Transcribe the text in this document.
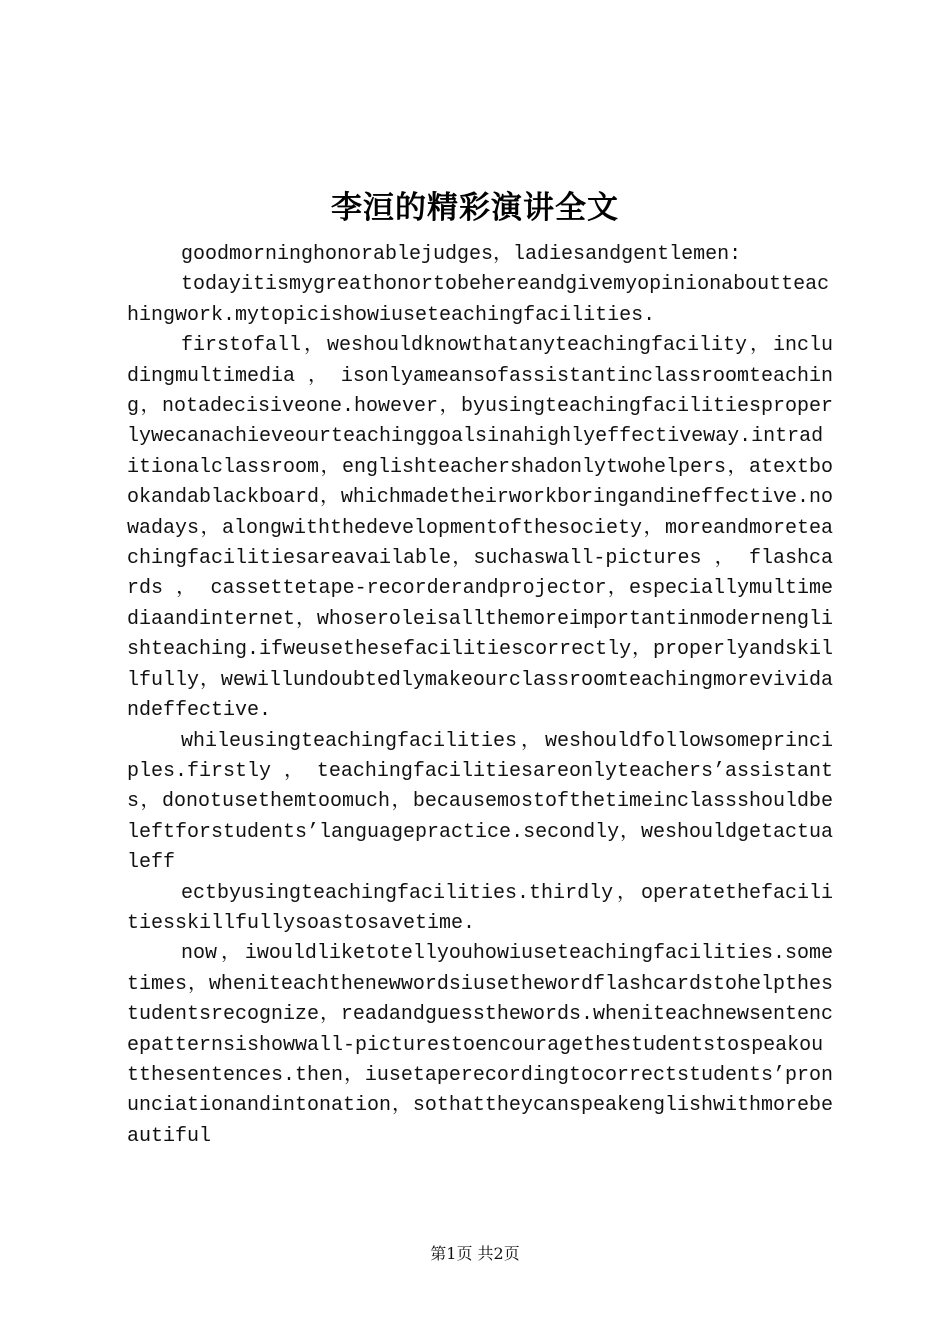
李洹的精彩演讲全文

goodmorninghonorablejudges，ladiesandgentlemen:

todayitismygreathonortobehereandgivemyopinionaboutteachingwork.mytopicishowiuseteachingfacilities.

firstofall，weshouldknowthatanyteachingfacility，includingmultimedia，isonlyameansofassistantinclassroomteaching，notadecisiveone.however，byusingteachingfacilitiesproperlywecanachieveourteachinggoalsinahighlyeffectiveway.intraditionalclassroom，englishteachershadonlytwohelpers，atextbookandablackboard，whichmadetheirworkboringandineffective.nowadays，alongwiththedevelopmentofthesociety，moreandmoreteachingfacilitiesareavailable，suchaswall-pictures ， flashcards ， cassettetape-recorderandprojector，especiallymultimediaandinternet，whoseroleisallthemoreimportantinmodernenglishteaching.ifweusethesefacilitiescorrectly，properlyandskillfully，wewillundoubtedlymakeourclassroomteachingmorevividandeffective.

whileusingteachingfacilities，weshouldfollowsomeprinciples.firstly，teachingfacilitiesareonlyteachers’assistants，donotusethemtoomuch，becausemostofthetimeinclassshouldbeleftforstudents’languagepractice.secondly，weshouldgetactualeff

ectbyusingteachingfacilities.thirdly，operatethefacilitiesskillfullysoastosavetime.

now，iwouldliketotellyouhowiuseteachingfacilities.sometimes，wheniteachthenewwordsiusethewordflashcardstohelpthestudentsrecognize，readandguessthewords.wheniteachnewsentencepatternsishowwall-picturestoencouragethestudentstospeakoutthesentences.then，iusetaperecordingtocorrectstudents’pronunciationandintonation，sothattheycanspeakenglishwithmorebeautiful

第1页 共2页
